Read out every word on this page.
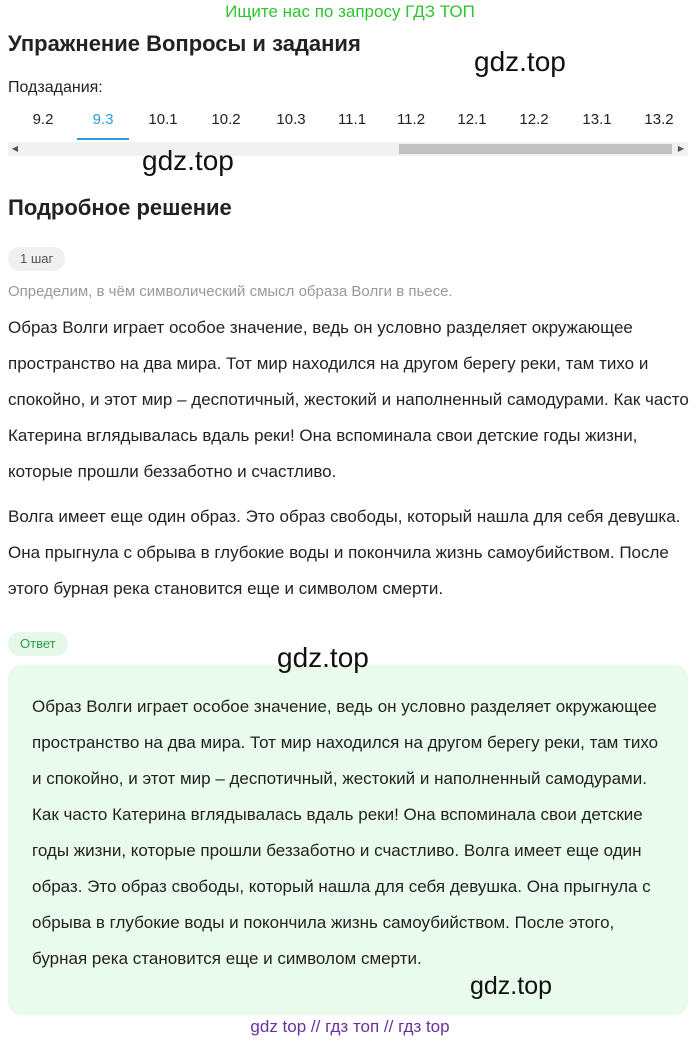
Ищите нас по запросу ГДЗ ТОП
Упражнение Вопросы и задания
gdz.top
Подзадания:
9.2	9.3	10.1	10.2	10.3	11.1	11.2	12.1	12.2	13.1	13.2
◀	▶
gdz.top
Подробное решение
1 шаг
Определим, в чём символический смысл образа Волги в пьесе.
Образ Волги играет особое значение, ведь он условно разделяет окружающее пространство на два мира. Тот мир находился на другом берегу реки, там тихо и спокойно, и этот мир – деспотичный, жестокий и наполненный самодурами. Как часто Катерина вглядывалась вдаль реки! Она вспоминала свои детские годы жизни, которые прошли беззаботно и счастливо.
Волга имеет еще один образ. Это образ свободы, который нашла для себя девушка. Она прыгнула с обрыва в глубокие воды и покончила жизнь самоубийством. После этого бурная река становится еще и символом смерти.
Ответ
Образ Волги играет особое значение, ведь он условно разделяет окружающее пространство на два мира. Тот мир находился на другом берегу реки, там тихо и спокойно, и этот мир – деспотичный, жестокий и наполненный самодурами. Как часто Катерина вглядывалась вдаль реки! Она вспоминала свои детские годы жизни, которые прошли беззаботно и счастливо. Волга имеет еще один образ. Это образ свободы, который нашла для себя девушка. Она прыгнула с обрыва в глубокие воды и покончила жизнь самоубийством. После этого, бурная река становится еще и символом смерти.
gdz.top
gdz.top
gdz top // гдз топ // гдз top
